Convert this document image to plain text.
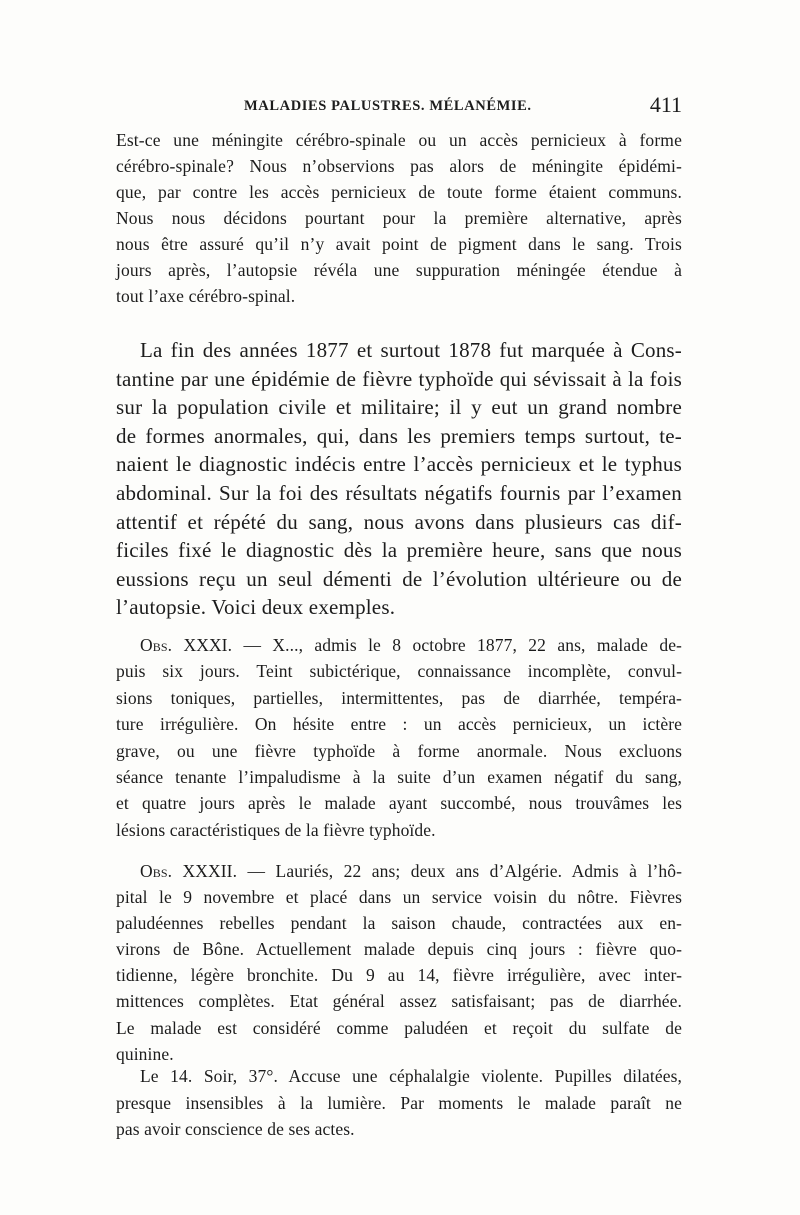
MALADIES PALUSTRES. MÉLANÉMIE.	411
Est-ce une méningite cérébro-spinale ou un accès pernicieux à forme
cérébro-spinale? Nous n’observions pas alors de méningite épidémi-
que, par contre les accès pernicieux de toute forme étaient communs.
Nous nous décidons pourtant pour la première alternative, après
nous être assuré qu’il n’y avait point de pigment dans le sang. Trois
jours après, l’autopsie révéla une suppuration méningée étendue à
tout l’axe cérébro-spinal.
La fin des années 1877 et surtout 1878 fut marquée à Cons-
tantine par une épidémie de fièvre typhoïde qui sévissait à la fois
sur la population civile et militaire; il y eut un grand nombre
de formes anormales, qui, dans les premiers temps surtout, te-
naient le diagnostic indécis entre l’accès pernicieux et le typhus
abdominal. Sur la foi des résultats négatifs fournis par l’examen
attentif et répété du sang, nous avons dans plusieurs cas dif-
ficiles fixé le diagnostic dès la première heure, sans que nous
eussions reçu un seul démenti de l’évolution ultérieure ou de
l’autopsie. Voici deux exemples.
Obs. XXXI. — X..., admis le 8 octobre 1877, 22 ans, malade de-
puis six jours. Teint subictérique, connaissance incomplète, convul-
sions toniques, partielles, intermittentes, pas de diarrhée, tempéra-
ture irrégulière. On hésite entre : un accès pernicieux, un ictère
grave, ou une fièvre typhoïde à forme anormale. Nous excluons
séance tenante l’impaludisme à la suite d’un examen négatif du sang,
et quatre jours après le malade ayant succombé, nous trouvâmes les
lésions caractéristiques de la fièvre typhoïde.
Obs. XXXII. — Lauriés, 22 ans; deux ans d’Algérie. Admis à l’hô-
pital le 9 novembre et placé dans un service voisin du nôtre. Fièvres
paludéennes rebelles pendant la saison chaude, contractées aux en-
virons de Bône. Actuellement malade depuis cinq jours : fièvre quo-
tidienne, légère bronchite. Du 9 au 14, fièvre irrégulière, avec inter-
mittences complètes. Etat général assez satisfaisant; pas de diarrhée.
Le malade est considéré comme paludéen et reçoit du sulfate de
quinine.
Le 14. Soir, 37°. Accuse une céphalalgie violente. Pupilles dilatées,
presque insensibles à la lumière. Par moments le malade paraît ne
pas avoir conscience de ses actes.
